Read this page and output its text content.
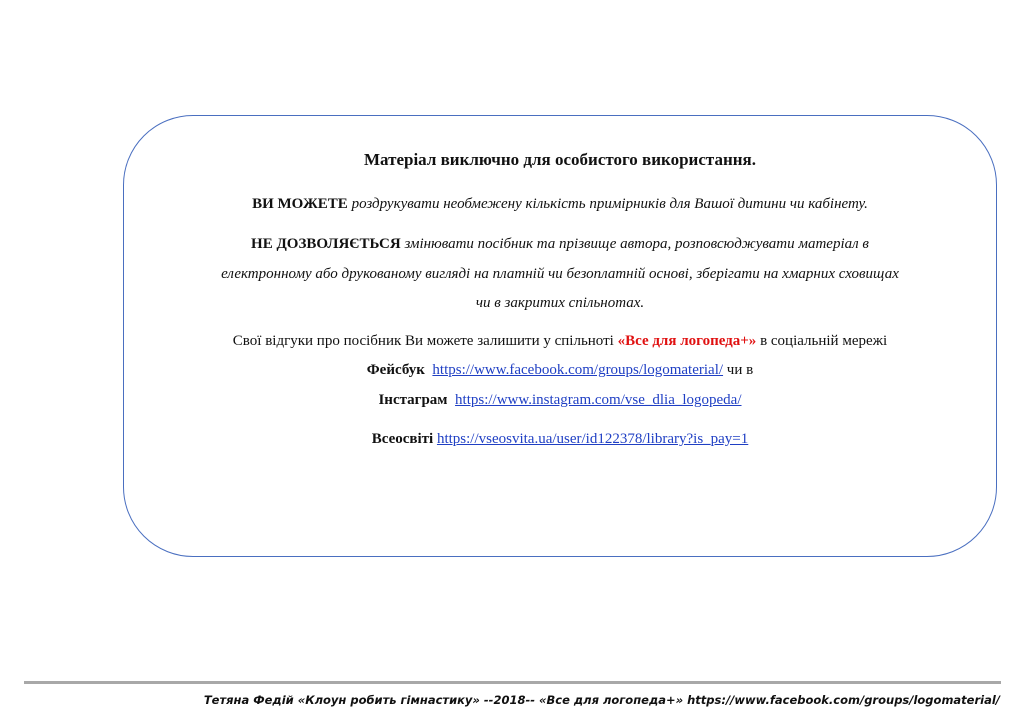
Матеріал виключно для особистого використання.
ВИ МОЖЕТЕ роздрукувати необмежену кількість примірників для Вашої дитини чи кабінету.
НЕ ДОЗВОЛЯЄТЬСЯ змінювати посібник та прізвище автора, розповсюджувати матеріал в
електронному або друкованому вигляді на платній чи безоплатній основі, зберігати на хмарних сховищах
чи в закритих спільнотах.
Свої відгуки про посібник Ви можете залишити у спільноті «Все для логопеда+» в соціальній мережі
Фейсбук https://www.facebook.com/groups/logomaterial/ чи в
Інстаграм https://www.instagram.com/vse_dlia_logopeda/
Всеосвіті https://vseosvita.ua/user/id122378/library?is_pay=1
Тетяна Федій «Клоун робить гімнастику» --2018-- «Все для логопеда+» https://www.facebook.com/groups/logomaterial/
